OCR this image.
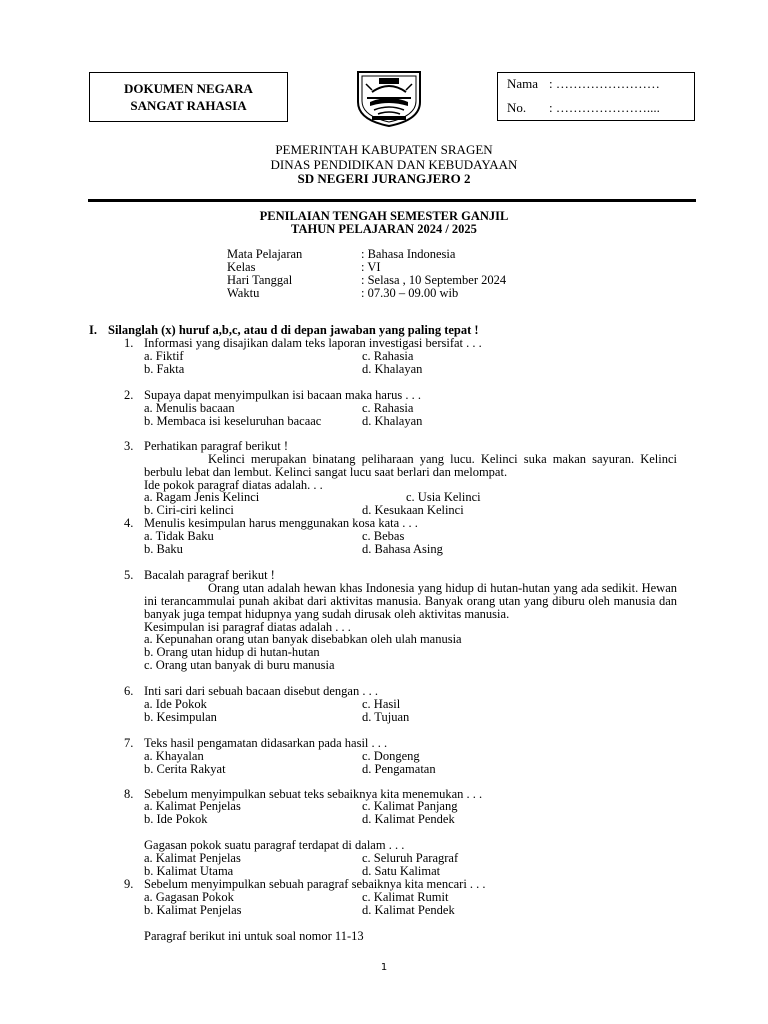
DOKUMEN NEGARA
SANGAT RAHASIA
Nama : ……………………
No. : …………………....
PEMERINTAH KABUPATEN SRAGEN
DINAS PENDIDIKAN DAN KEBUDAYAAN
SD NEGERI JURANGJERO 2
PENILAIAN TENGAH SEMESTER GANJIL
TAHUN PELAJARAN 2024 / 2025
Mata Pelajaran	: Bahasa Indonesia
Kelas	: VI
Hari Tanggal	: Selasa , 10 September 2024
Waktu	: 07.30 – 09.00 wib
I. Silanglah (x) huruf a,b,c, atau d di depan jawaban yang paling tepat !
1. Informasi yang disajikan dalam teks laporan investigasi bersifat . . .
a. Fiktif	c. Rahasia
b. Fakta	d. Khalayan
2. Supaya dapat menyimpulkan isi bacaan maka harus . . .
a. Menulis bacaan	c. Rahasia
b. Membaca isi keseluruhan bacaac	d. Khalayan
3. Perhatikan paragraf berikut !
Kelinci merupakan binatang peliharaan yang lucu. Kelinci suka makan sayuran. Kelinci berbulu lebat dan lembut. Kelinci sangat lucu saat berlari dan melompat.
Ide pokok paragraf diatas adalah. . .
a. Ragam Jenis Kelinci	c. Usia Kelinci
b. Ciri-ciri kelinci	d. Kesukaan Kelinci
4. Menulis kesimpulan harus menggunakan kosa kata . . .
a. Tidak Baku	c. Bebas
b. Baku	d. Bahasa Asing
5. Bacalah paragraf berikut !
Orang utan adalah hewan khas Indonesia yang hidup di hutan-hutan yang ada sedikit. Hewan ini terancammulai punah akibat dari aktivitas manusia. Banyak orang utan yang diburu oleh manusia dan banyak juga tempat hidupnya yang sudah dirusak oleh aktivitas manusia.
Kesimpulan isi paragraf diatas adalah . . .
a. Kepunahan orang utan banyak disebabkan oleh ulah manusia
b. Orang utan hidup di hutan-hutan
c. Orang utan banyak di buru manusia
6. Inti sari dari sebuah bacaan disebut dengan . . .
a. Ide Pokok	c. Hasil
b. Kesimpulan	d. Tujuan
7. Teks hasil pengamatan didasarkan pada hasil . . .
a. Khayalan	c. Dongeng
b. Cerita Rakyat	d. Pengamatan
8. Sebelum menyimpulkan sebuat teks sebaiknya kita menemukan . . .
a. Kalimat Penjelas	c. Kalimat Panjang
b. Ide Pokok	d. Kalimat Pendek
Gagasan pokok suatu paragraf terdapat di dalam . . .
a. Kalimat Penjelas	c. Seluruh Paragraf
b. Kalimat Utama	d. Satu Kalimat
9. Sebelum menyimpulkan sebuah paragraf sebaiknya kita mencari . . .
a. Gagasan Pokok	c. Kalimat Rumit
b. Kalimat Penjelas	d. Kalimat Pendek
Paragraf berikut ini untuk soal nomor 11-13
1
